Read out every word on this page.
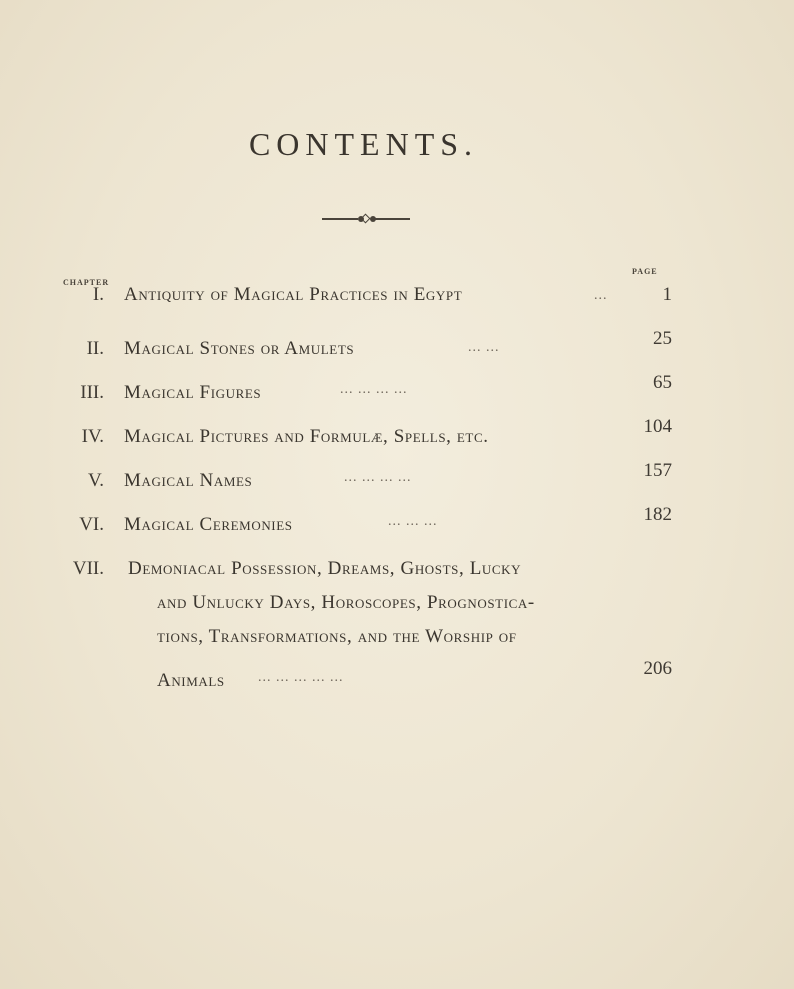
CONTENTS.
CHAPTER
PAGE
I. Antiquity of Magical Practices in Egypt	...	1
II. Magical Stones or Amulets	... ...	25
III. Magical Figures	... ... ... ...	65
IV. Magical Pictures and Formulæ, Spells, etc.	104
V. Magical Names	... ... ... ...	157
VI. Magical Ceremonies	... ... ...	182
VII. Demoniacal Possession, Dreams, Ghosts, Lucky
and Unlucky Days, Horoscopes, Prognostica-
tions, Transformations, and the Worship of
Animals ... ... ... ... ...	206
